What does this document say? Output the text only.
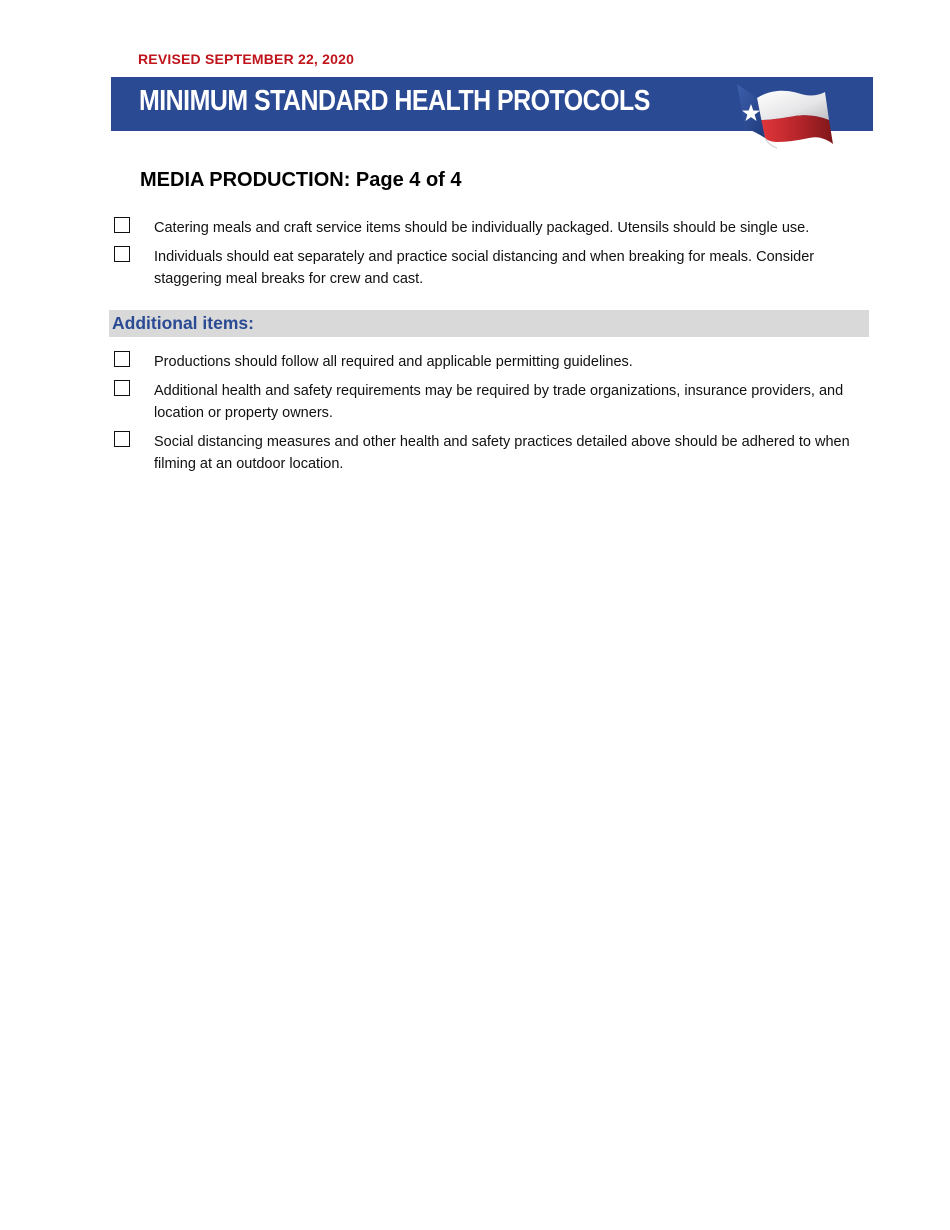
REVISED SEPTEMBER 22, 2020
MINIMUM STANDARD HEALTH PROTOCOLS
MEDIA PRODUCTION: Page 4 of 4
Catering meals and craft service items should be individually packaged. Utensils should be single use.
Individuals should eat separately and practice social distancing and when breaking for meals. Consider staggering meal breaks for crew and cast.
Additional items:
Productions should follow all required and applicable permitting guidelines.
Additional health and safety requirements may be required by trade organizations, insurance providers, and location or property owners.
Social distancing measures and other health and safety practices detailed above should be adhered to when filming at an outdoor location.
